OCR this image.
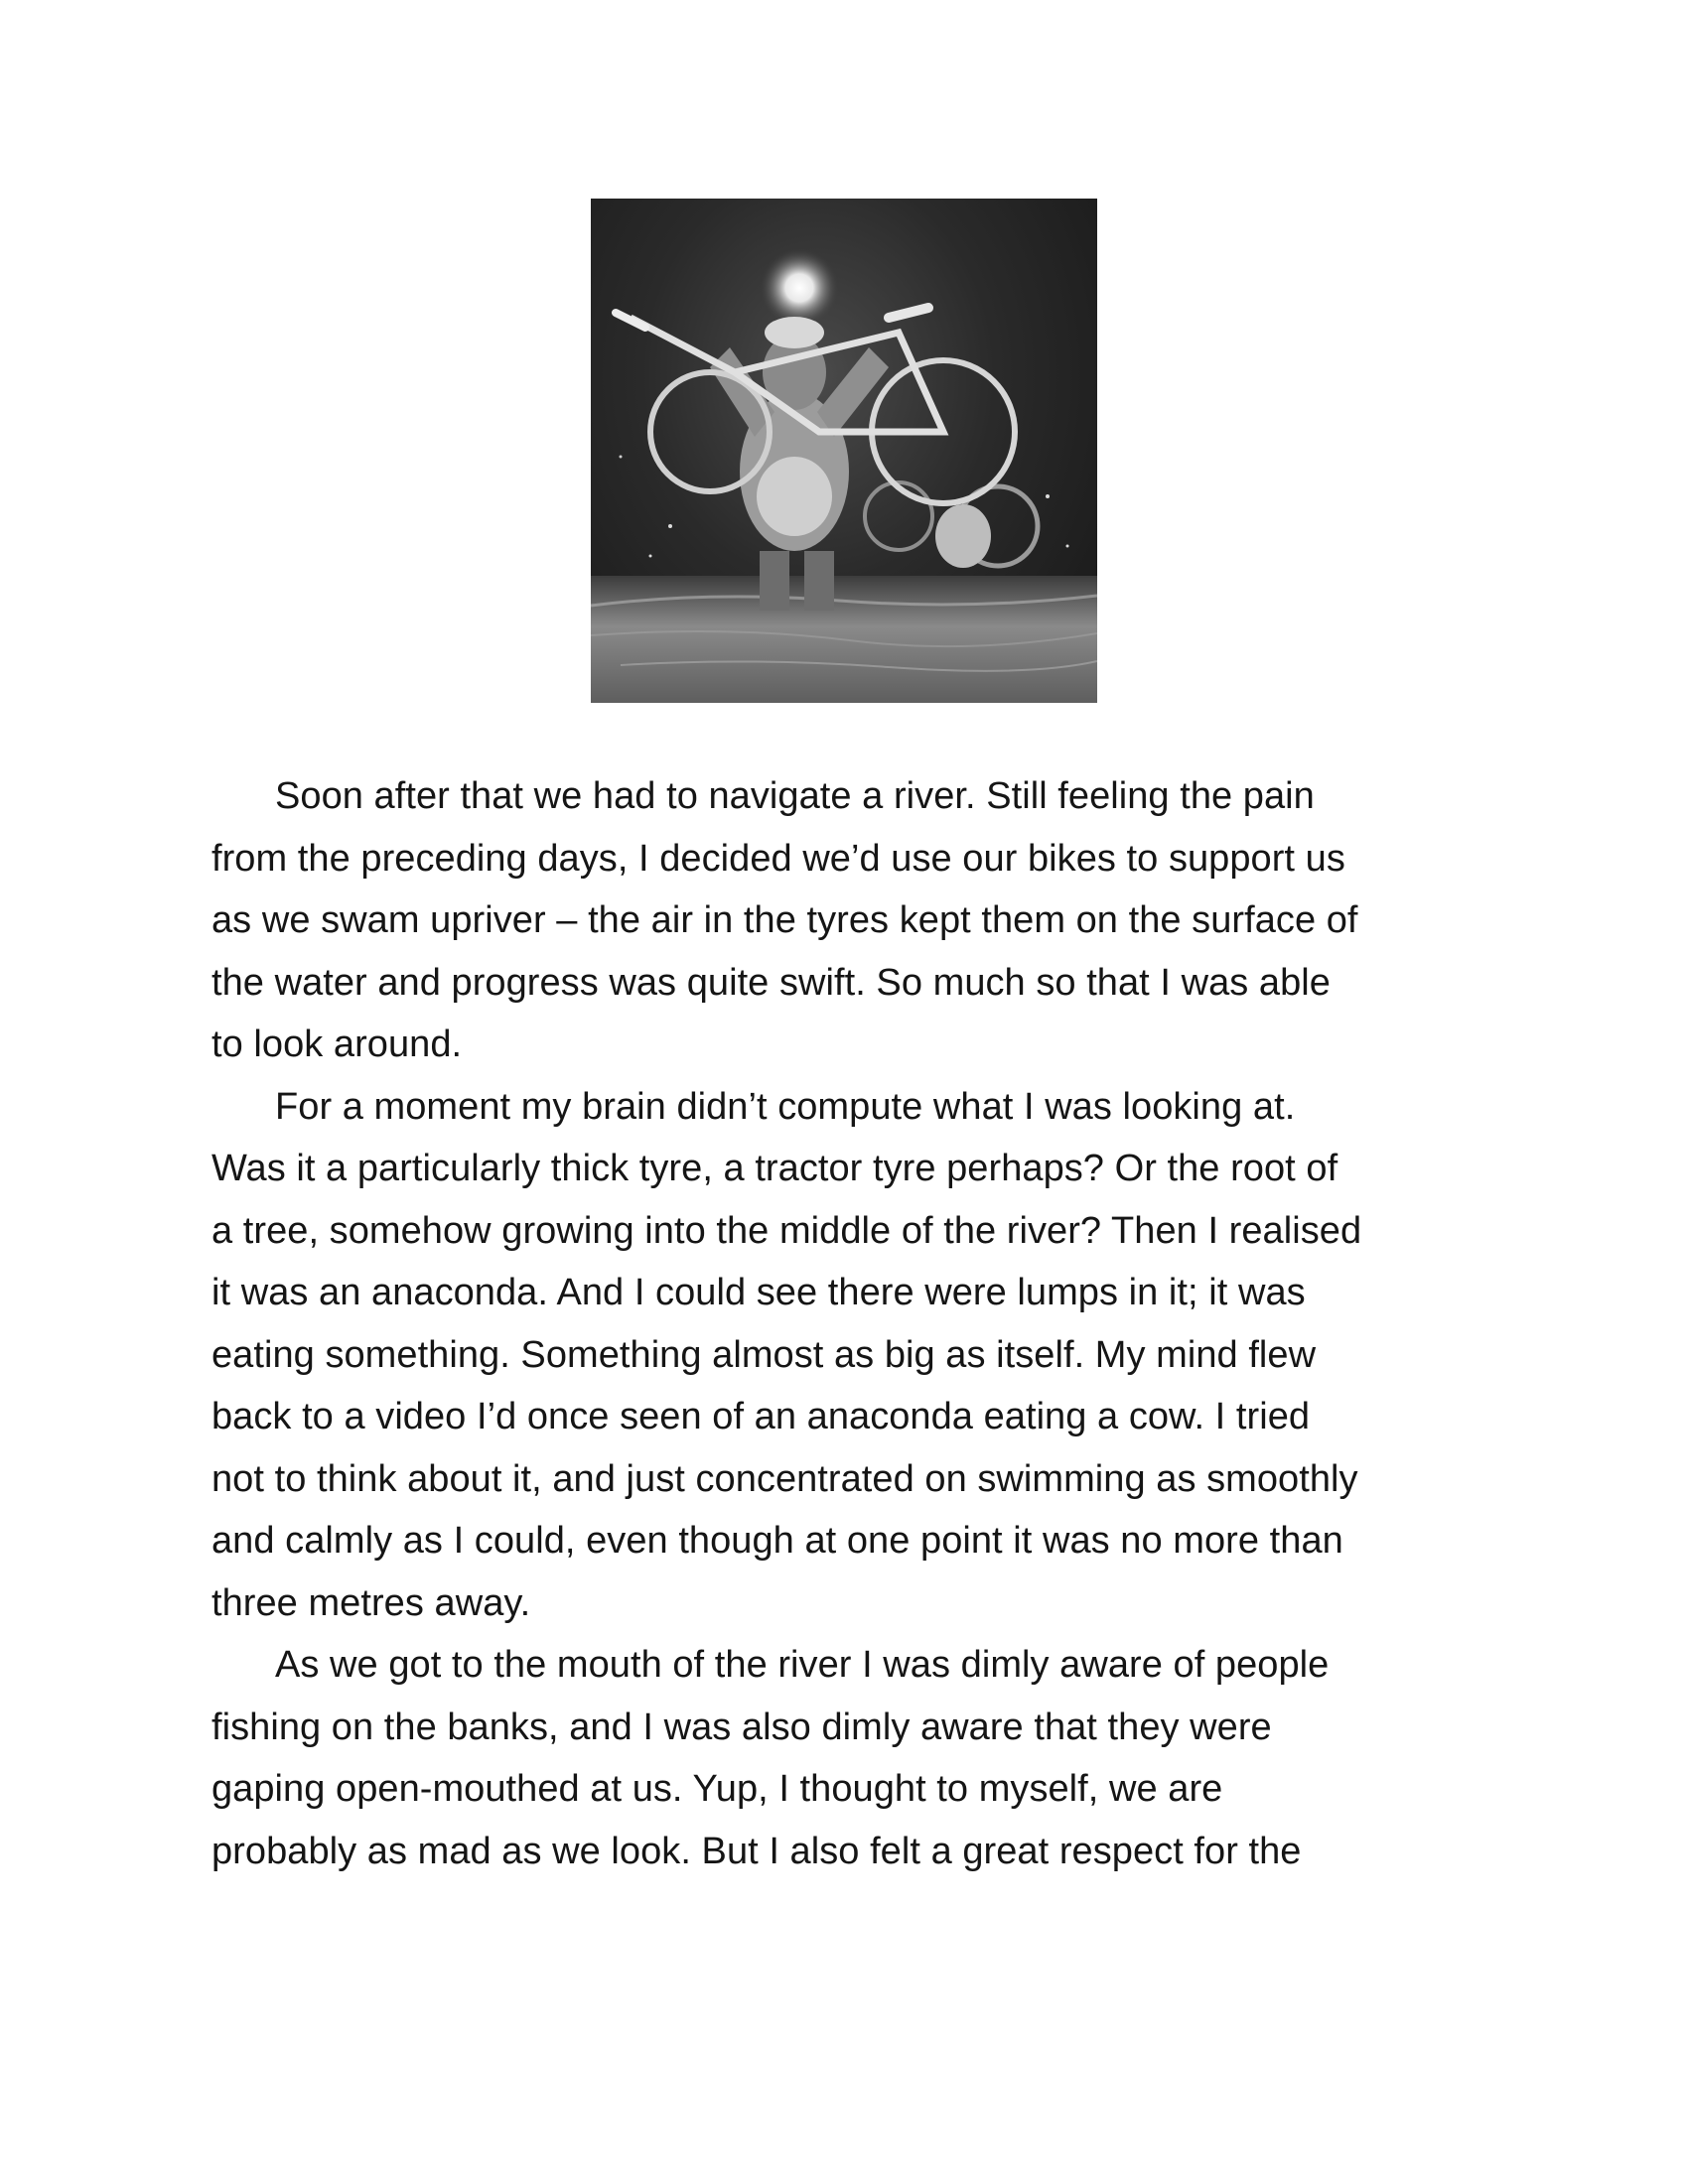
Soon after that we had to navigate a river. Still feeling the pain
from the preceding days, I decided we’d use our bikes to support us
as we swam upriver – the air in the tyres kept them on the surface of
the water and progress was quite swift. So much so that I was able
to look around.

For a moment my brain didn’t compute what I was looking at.
Was it a particularly thick tyre, a tractor tyre perhaps? Or the root of
a tree, somehow growing into the middle of the river? Then I realised
it was an anaconda. And I could see there were lumps in it; it was
eating something. Something almost as big as itself. My mind flew
back to a video I’d once seen of an anaconda eating a cow. I tried
not to think about it, and just concentrated on swimming as smoothly
and calmly as I could, even though at one point it was no more than
three metres away.

As we got to the mouth of the river I was dimly aware of people
fishing on the banks, and I was also dimly aware that they were
gaping open-mouthed at us. Yup, I thought to myself, we are
probably as mad as we look. But I also felt a great respect for the
